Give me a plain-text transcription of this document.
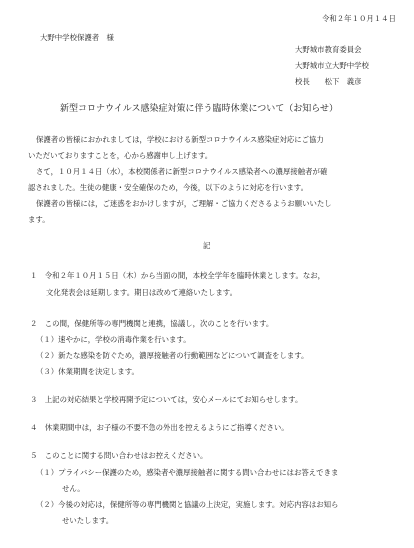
令和２年１０月１４日
大野中学校保護者　様
大野城市教育委員会
大野城市立大野中学校
校長　　松下　義彦
新型コロナウイルス感染症対策に伴う臨時休業について（お知らせ）
保護者の皆様におかれましては，学校における新型コロナウイルス感染症対応にご協力
いただいておりますことを，心から感謝申し上げます。
さて，１０月１４日（水），本校関係者に新型コロナウイルス感染者への濃厚接触者が確
認されました。生徒の健康・安全確保のため，今後，以下のように対応を行います。
保護者の皆様には，ご迷惑をおかけしますが，ご理解・ご協力くださるようお願いいたし
ます。
記
１　令和２年１０月１５日（木）から当面の間，本校全学年を臨時休業とします。なお，
文化発表会は延期します。期日は改めて連絡いたします。
２　この間，保健所等の専門機関と連携，協議し，次のことを行います。
（１）速やかに，学校の消毒作業を行います。
（２）新たな感染を防ぐため，濃厚接触者の行動範囲などについて調査をします。
（３）休業期間を決定します。
３　上記の対応結果と学校再開予定については，安心メールにてお知らせします。
４　休業期間中は，お子様の不要不急の外出を控えるようにご指導ください。
５　このことに関する問い合わせはお控えください。
（１）プライバシー保護のため，感染者や濃厚接触者に関する問い合わせにはお答えできま
せん。
（２）今後の対応は，保健所等の専門機関と協議の上決定，実施します。対応内容はお知ら
せいたします。
